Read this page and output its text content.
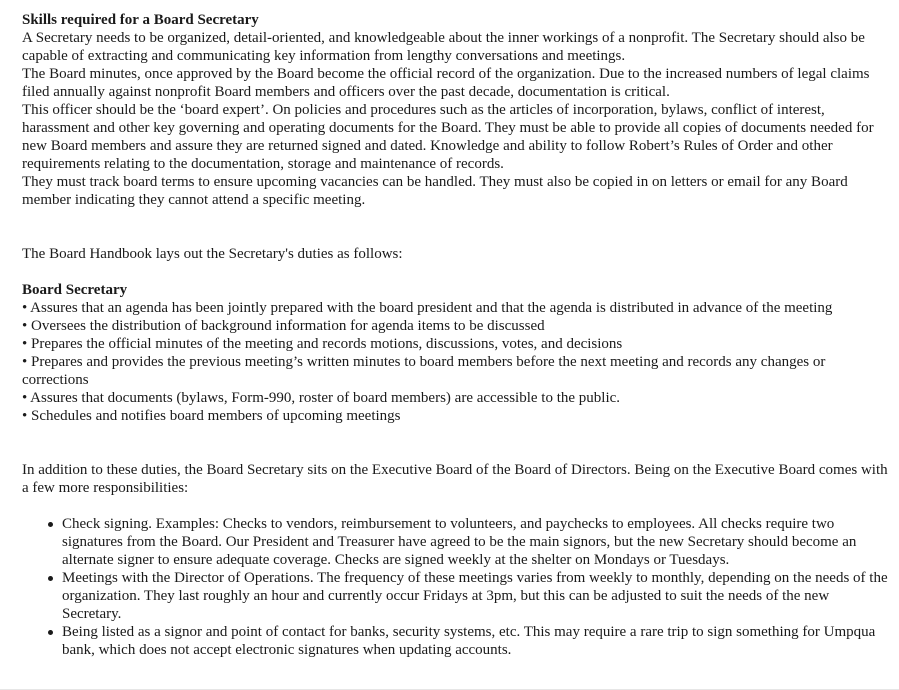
Skills required for a Board Secretary

A Secretary needs to be organized, detail-oriented, and knowledgeable about the inner workings of a nonprofit. The Secretary should also be capable of extracting and communicating key information from lengthy conversations and meetings.

The Board minutes, once approved by the Board become the official record of the organization. Due to the increased numbers of legal claims filed annually against nonprofit Board members and officers over the past decade, documentation is critical.

This officer should be the ‘board expert’. On policies and procedures such as the articles of incorporation, bylaws, conflict of interest, harassment and other key governing and operating documents for the Board. They must be able to provide all copies of documents needed for new Board members and assure they are returned signed and dated. Knowledge and ability to follow Robert’s Rules of Order and other requirements relating to the documentation, storage and maintenance of records.

They must track board terms to ensure upcoming vacancies can be handled. They must also be copied in on letters or email for any Board member indicating they cannot attend a specific meeting.

The Board Handbook lays out the Secretary's duties as follows:

Board Secretary

• Assures that an agenda has been jointly prepared with the board president and that the agenda is distributed in advance of the meeting

• Oversees the distribution of background information for agenda items to be discussed

• Prepares the official minutes of the meeting and records motions, discussions, votes, and decisions

• Prepares and provides the previous meeting’s written minutes to board members before the next meeting and records any changes or corrections

• Assures that documents (bylaws, Form-990, roster of board members) are accessible to the public.

• Schedules and notifies board members of upcoming meetings

In addition to these duties, the Board Secretary sits on the Executive Board of the Board of Directors. Being on the Executive Board comes with a few more responsibilities:

Check signing. Examples: Checks to vendors, reimbursement to volunteers, and paychecks to employees. All checks require two signatures from the Board. Our President and Treasurer have agreed to be the main signors, but the new Secretary should become an alternate signer to ensure adequate coverage. Checks are signed weekly at the shelter on Mondays or Tuesdays.
Meetings with the Director of Operations. The frequency of these meetings varies from weekly to monthly, depending on the needs of the organization. They last roughly an hour and currently occur Fridays at 3pm, but this can be adjusted to suit the needs of the new Secretary.
Being listed as a signor and point of contact for banks, security systems, etc. This may require a rare trip to sign something for Umpqua bank, which does not accept electronic signatures when updating accounts.
